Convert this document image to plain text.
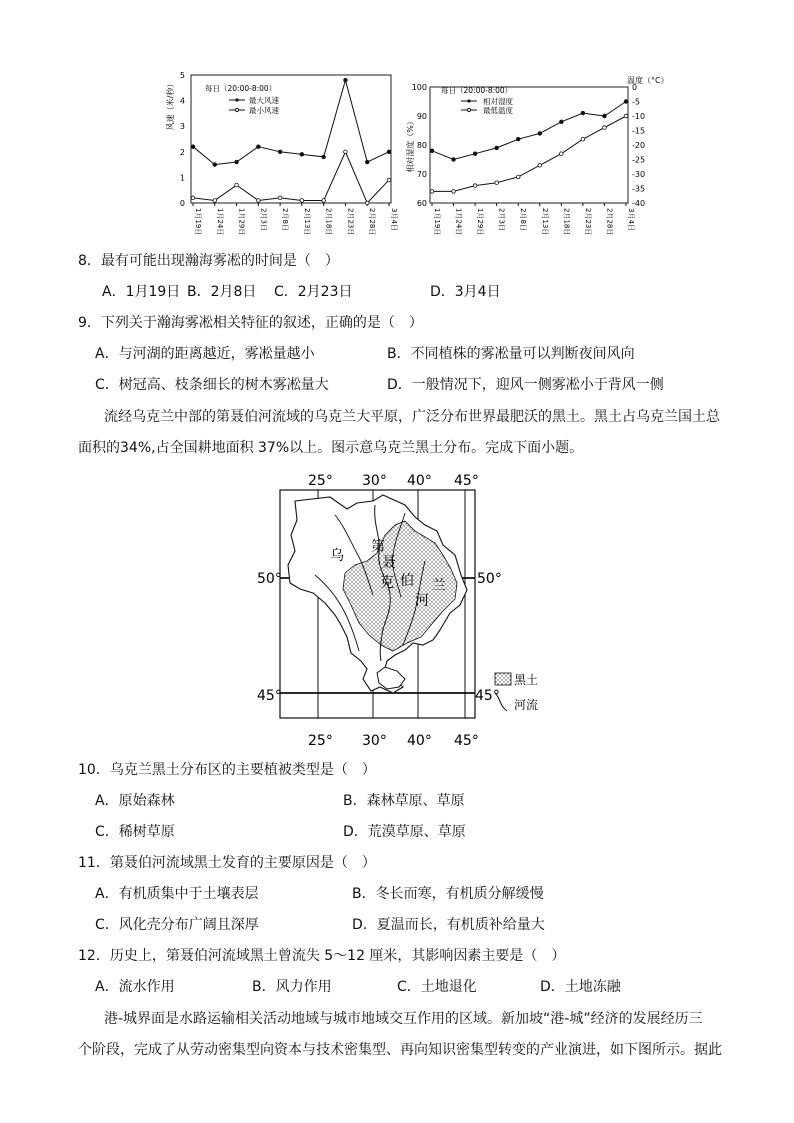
风速（米/秒）
5
4
3
2
1
0
1月19日 1月24日 1月29日 2月3日 2月8日 2月13日 2月18日 2月23日 2月28日 3月4日
每日（20:00-8:00）
最大风速
最小风速
相对湿度（%）
温度（°C）
100
90
80
70
60
0
-5
-10
-15
-20
-25
-30
-35
-40
1月19日 1月24日 1月29日 2月3日 2月8日 2月13日 2月18日 2月23日 2月28日 3月4日
每日（20:00-8:00）
相对湿度
最低温度
8．最有可能出现瀚海雾凇的时间是（　）
A．1月19日 B．2月8日 C．2月23日	D．3月4日
9．下列关于瀚海雾凇相关特征的叙述，正确的是（　）
A．与河湖的距离越近，雾凇量越小	B．不同植株的雾凇量可以判断夜间风向
C．树冠高、枝条细长的树木雾凇量大	D．一般情况下，迎风一侧雾凇小于背风一侧
流经乌克兰中部的第聂伯河流域的乌克兰大平原，广泛分布世界最肥沃的黑土。黑土占乌克兰国土总
面积的34%,占全国耕地面积 37%以上。图示意乌克兰黑土分布。完成下面小题。
25° 30° 40° 45°
25° 30° 40° 45°
50°	50°
45°	45°
乌
克	兰
第
聂
伯
河
黑土
河流
10．乌克兰黑土分布区的主要植被类型是（　）
A．原始森林	B．森林草原、草原
C．稀树草原	D．荒漠草原、草原
11．第聂伯河流域黑土发育的主要原因是（　）
A．有机质集中于土壤表层	B．冬长而寒，有机质分解缓慢
C．风化壳分布广阔且深厚	D．夏温而长，有机质补给量大
12．历史上，第聂伯河流域黑土曾流失 5～12 厘米，其影响因素主要是（　）
A．流水作用	B．风力作用	C．土地退化	D．土地冻融
港-城界面是水路运输相关活动地域与城市地域交互作用的区域。新加坡“港-城”经济的发展经历三
个阶段，完成了从劳动密集型向资本与技术密集型、再向知识密集型转变的产业演进，如下图所示。据此
